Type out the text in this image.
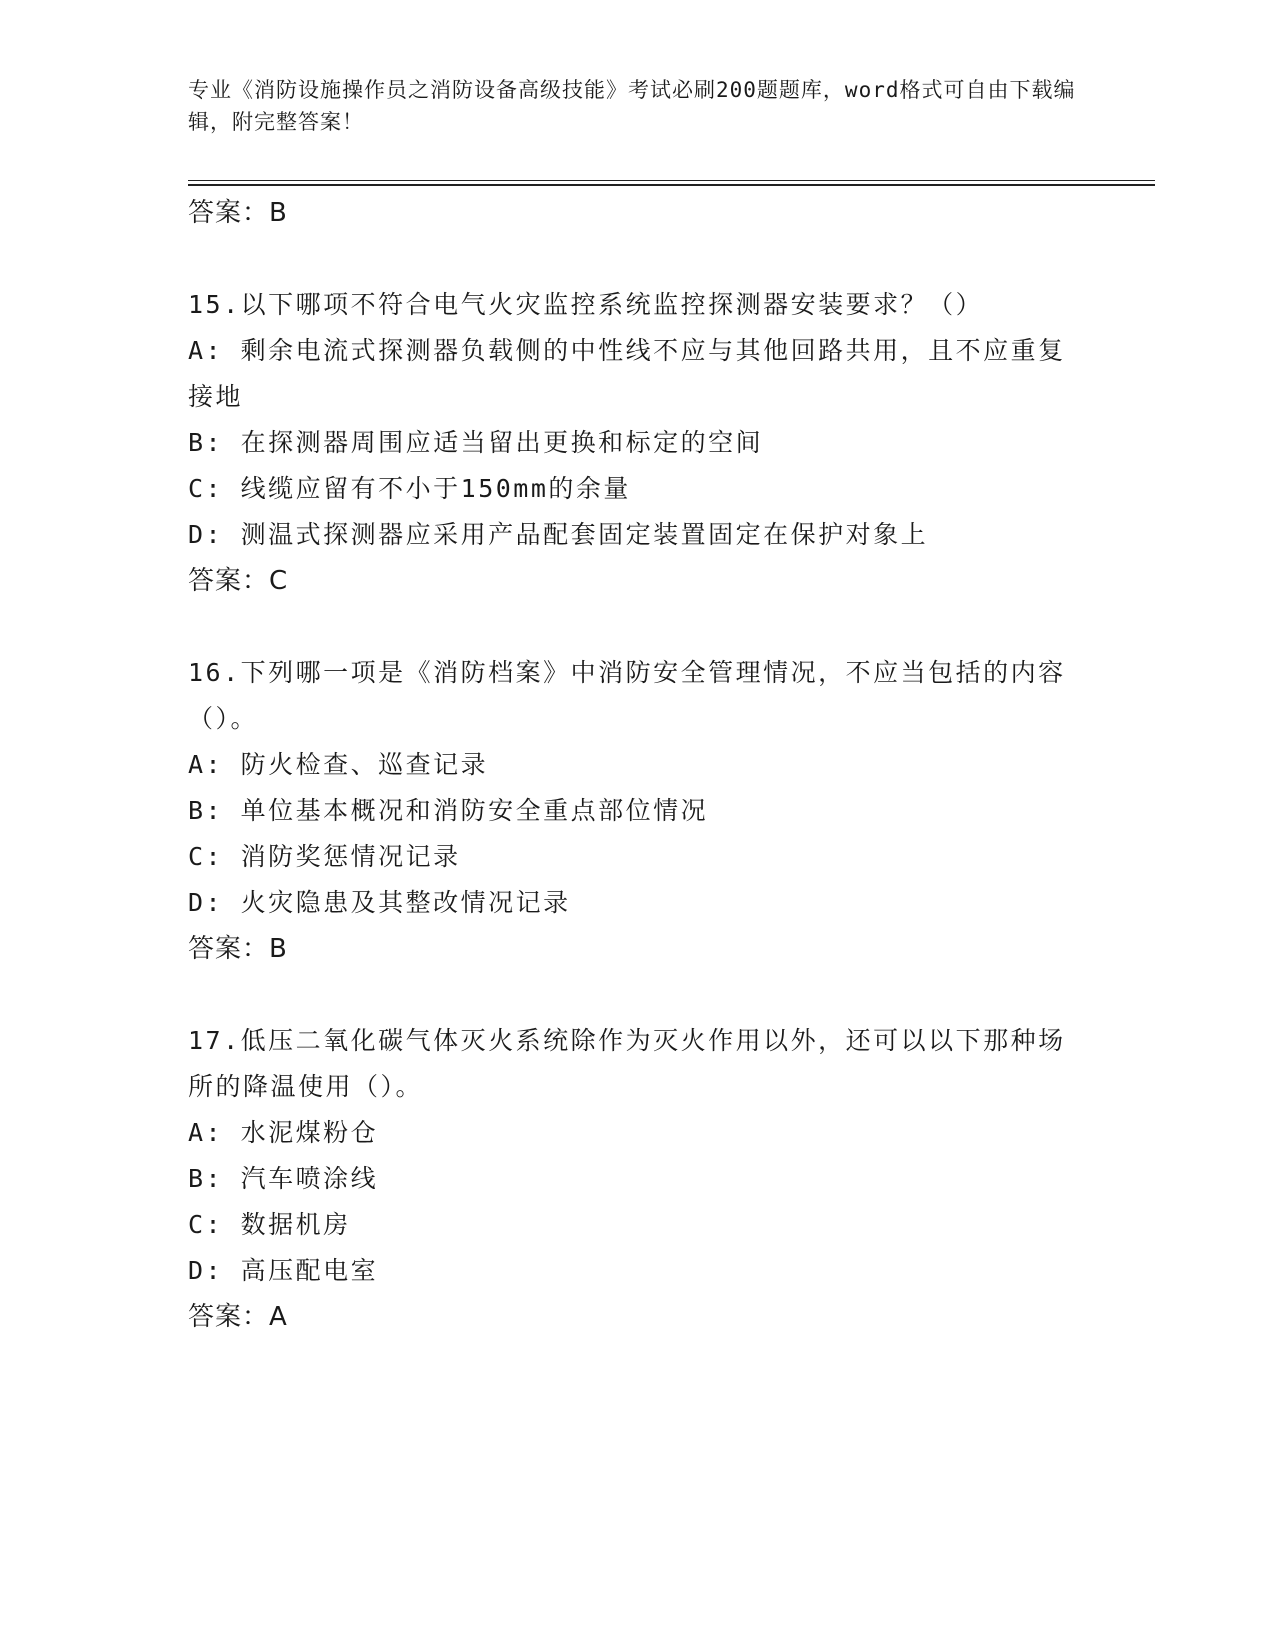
专业《消防设施操作员之消防设备高级技能》考试必刷200题题库，word格式可自由下载编辑，附完整答案！

答案：B

15.以下哪项不符合电气火灾监控系统监控探测器安装要求？（）

A: 剩余电流式探测器负载侧的中性线不应与其他回路共用，且不应重复接地

B: 在探测器周围应适当留出更换和标定的空间

C: 线缆应留有不小于150mm的余量

D: 测温式探测器应采用产品配套固定装置固定在保护对象上

答案：C

16.下列哪一项是《消防档案》中消防安全管理情况，不应当包括的内容（）。

A: 防火检查、巡查记录

B: 单位基本概况和消防安全重点部位情况

C: 消防奖惩情况记录

D: 火灾隐患及其整改情况记录

答案：B

17.低压二氧化碳气体灭火系统除作为灭火作用以外，还可以以下那种场所的降温使用（）。

A: 水泥煤粉仓

B: 汽车喷涂线

C: 数据机房

D: 高压配电室

答案：A
